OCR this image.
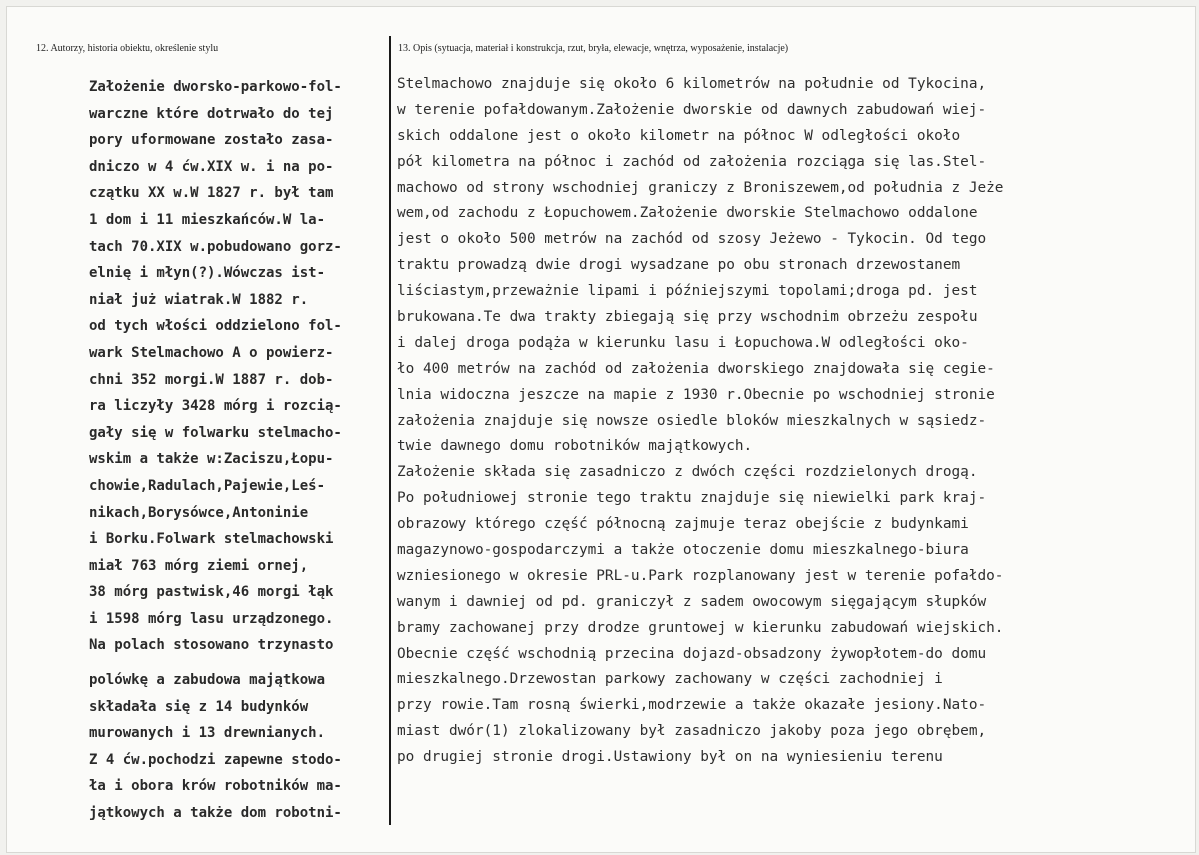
12. Autorzy, historia obiektu, określenie stylu	13. Opis (sytuacja, materiał i konstrukcja, rzut, bryła, elewacje, wnętrza, wyposażenie, instalacje)
Założenie dworsko-parkowo-fol-
warczne które dotrwało do tej
pory uformowane zostało zasa-
dniczo w 4 ćw.XIX w. i na po-
czątku XX w.W 1827 r. był tam
1 dom i 11 mieszkańców.W la-
tach 70.XIX w.pobudowano gorz-
elnię i młyn(?).Wówczas ist-
niał już wiatrak.W 1882 r.
od tych włości oddzielono fol-
wark Stelmachowo A o powierz-
chni 352 morgi.W 1887 r. dob-
ra liczyły 3428 mórg i rozcią-
gały się w folwarku stelmacho-
wskim a także w:Zaciszu,Łopu-
chowie,Radulach,Pajewie,Leś-
nikach,Borysówce,Antoninie
i Borku.Folwark stelmachowski
miał 763 mórg ziemi ornej,
38 mórg pastwisk,46 morgi łąk
i 1598 mórg lasu urządzonego.
Na polach stosowano trzynasto
polówkę a zabudowa majątkowa
składała się z 14 budynków
murowanych i 13 drewnianych.
Z 4 ćw.pochodzi zapewne stodo-
ła i obora krów robotników ma-
jątkowych a także dom robotni-
Stelmachowo znajduje się około 6 kilometrów na południe od Tykocina,
w terenie pofałdowanym.Założenie dworskie od dawnych zabudowań wiej-
skich oddalone jest o około kilometr na północ W odległości około
pół kilometra na północ i zachód od założenia rozciąga się las.Stel-
machowo od strony wschodniej graniczy z Broniszewem,od południa z Jeże
wem,od zachodu z Łopuchowem.Założenie dworskie Stelmachowo oddalone
jest o około 500 metrów na zachód od szosy Jeżewo - Tykocin. Od tego
traktu prowadzą dwie drogi wysadzane po obu stronach drzewostanem
liściastym,przeważnie lipami i późniejszymi topolami;droga pd. jest
brukowana.Te dwa trakty zbiegają się przy wschodnim obrzeżu zespołu
i dalej droga podąża w kierunku lasu i Łopuchowa.W odległości oko-
ło 400 metrów na zachód od założenia dworskiego znajdowała się cegie-
lnia widoczna jeszcze na mapie z 1930 r.Obecnie po wschodniej stronie
założenia znajduje się nowsze osiedle bloków mieszkalnych w sąsiedz-
twie dawnego domu robotników majątkowych.
Założenie składa się zasadniczo z dwóch części rozdzielonych drogą.
Po południowej stronie tego traktu znajduje się niewielki park kraj-
obrazowy którego część północną zajmuje teraz obejście z budynkami
magazynowo-gospodarczymi a także otoczenie domu mieszkalnego-biura
wzniesionego w okresie PRL-u.Park rozplanowany jest w terenie pofałdo-
wanym i dawniej od pd. graniczył z sadem owocowym sięgającym słupków
bramy zachowanej przy drodze gruntowej w kierunku zabudowań wiejskich.
Obecnie część wschodnią przecina dojazd-obsadzony żywopłotem-do domu
mieszkalnego.Drzewostan parkowy zachowany w części zachodniej i
przy rowie.Tam rosną świerki,modrzewie a także okazałe jesiony.Nato-
miast dwór(1) zlokalizowany był zasadniczo jakoby poza jego obrębem,
po drugiej stronie drogi.Ustawiony był on na wyniesieniu terenu
